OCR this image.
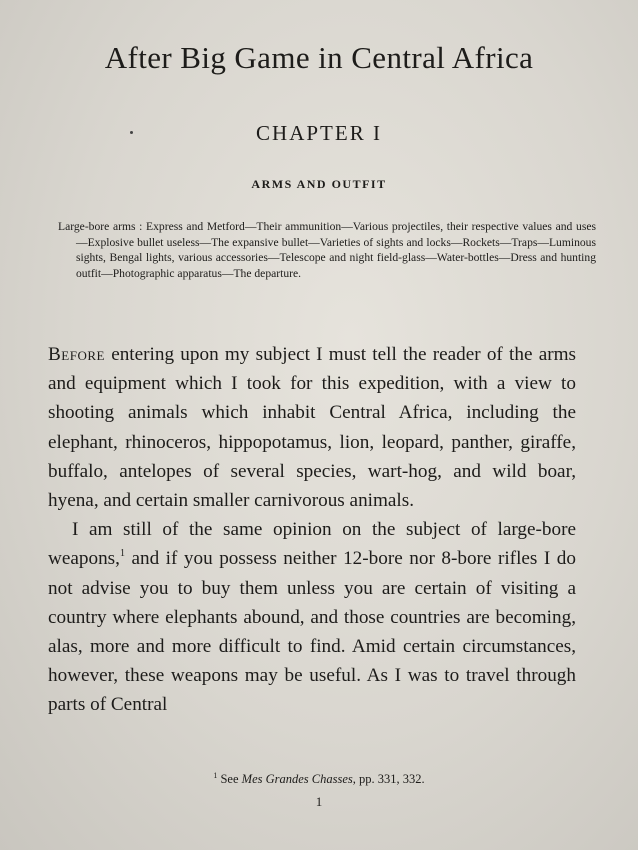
After Big Game in Central Africa
CHAPTER I
ARMS AND OUTFIT
Large-bore arms : Express and Metford—Their ammunition—Various projectiles, their respective values and uses—Explosive bullet useless—The expansive bullet—Varieties of sights and locks—Rockets—Traps—Luminous sights, Bengal lights, various accessories—Telescope and night field-glass—Water-bottles—Dress and hunting outfit—Photographic apparatus—The departure.

Before entering upon my subject I must tell the reader of the arms and equipment which I took for this expedition, with a view to shooting animals which inhabit Central Africa, including the elephant, rhinoceros, hippopotamus, lion, leopard, panther, giraffe, buffalo, antelopes of several species, wart-hog, and wild boar, hyena, and certain smaller carnivorous animals.

I am still of the same opinion on the subject of large-bore weapons,$^1$ and if you possess neither 12-bore nor 8-bore rifles I do not advise you to buy them unless you are certain of visiting a country where elephants abound, and those countries are becoming, alas, more and more difficult to find. Amid certain circumstances, however, these weapons may be useful. As I was to travel through parts of Central

$^1$ See Mes Grandes Chasses, pp. 331, 332.
1
